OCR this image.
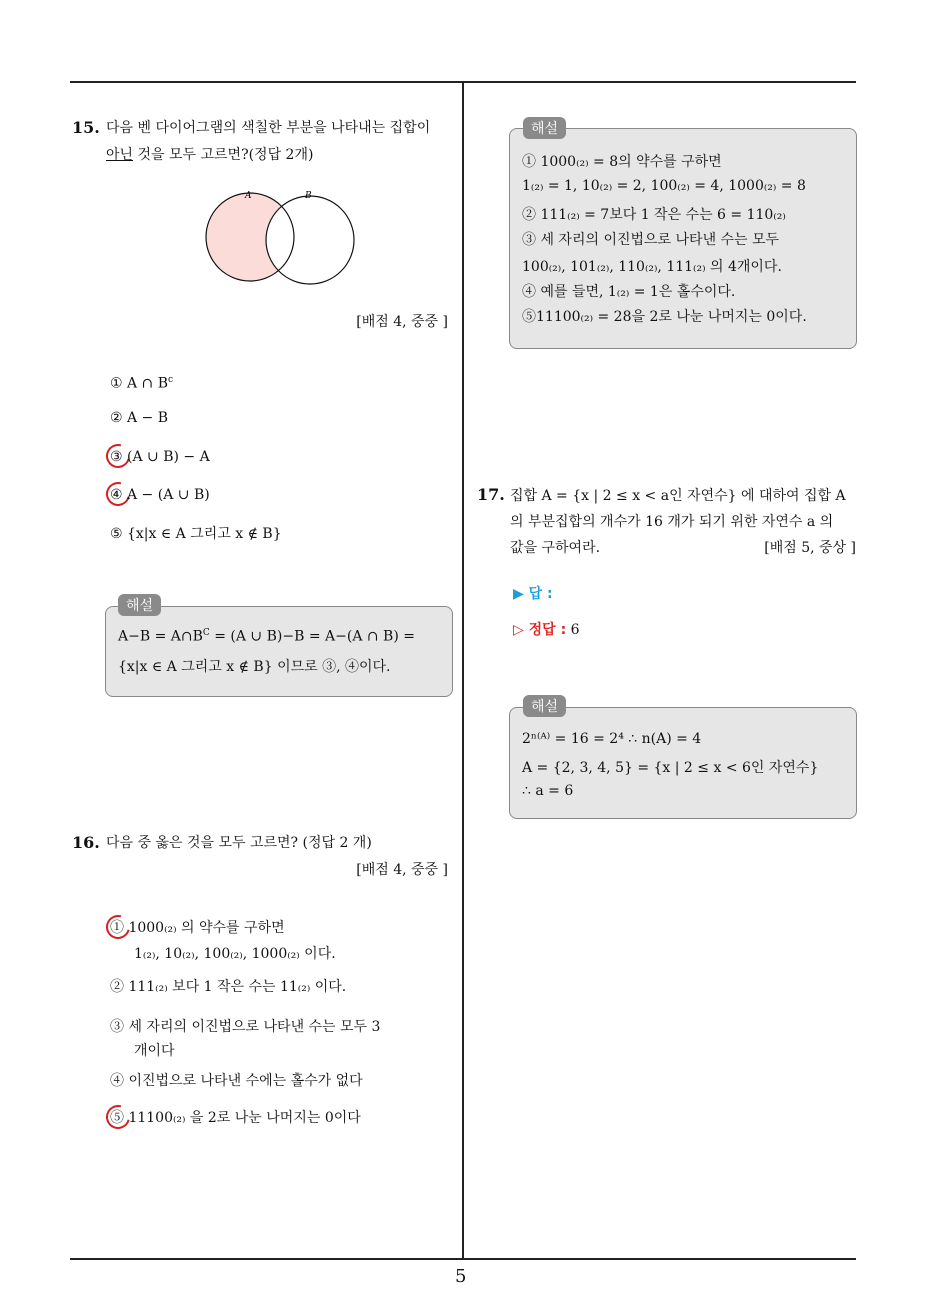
5
15. 다음 벤 다이어그램의 색칠한 부분을 나타내는 집합이
아닌 것을 모두 고르면?(정답 2개)
A	B
[배점 4, 중중 ]
① A ∩ $B^c$
② A − B
③ (A ∪ B) − A
④ A − (A ∪ B)
⑤ {x|x ∈ A 그리고 x ∉ B}
해설
$A-B = A\cap B^C = (A$ ∪ B)−B = A−(A ∩ B) =
{x|x ∈ A 그리고 x ∉ B} 이므로 ③, ④이다.
16. 다음 중 옳은 것을 모두 고르면? (정답 2 개)
[배점 4, 중중 ]
① 1000₍₂₎ 의 약수를 구하면
1₍₂₎, 10₍₂₎, 100₍₂₎, 1000₍₂₎ 이다.
② 111₍₂₎ 보다 1 작은 수는 11₍₂₎ 이다.
③ 세 자리의 이진법으로 나타낸 수는 모두 3
개이다
④ 이진법으로 나타낸 수에는 홀수가 없다
⑤ 11100₍₂₎ 을 2로 나눈 나머지는 0이다
해설
① 1000₍₂₎ = 8의 약수를 구하면
1₍₂₎ = 1, 10₍₂₎ = 2, 100₍₂₎ = 4, 1000₍₂₎ = 8
② 111₍₂₎ = 7보다 1 작은 수는 6 = 110₍₂₎
③ 세 자리의 이진법으로 나타낸 수는 모두
100₍₂₎, 101₍₂₎, 110₍₂₎, 111₍₂₎ 의 4개이다.
④ 예를 들면, 1₍₂₎ = 1은 홀수이다.
⑤11100₍₂₎ = 28을 2로 나눈 나머지는 0이다.
17. 집합 A = {x | 2 ≤ x < a인 자연수} 에 대하여 집합 A
의 부분집합의 개수가 16 개가 되기 위한 자연수 a 의
값을 구하여라.	[배점 5, 중상 ]
▶ 답 :
▷ 정답 : 6
해설
2ⁿ⁽ᴬ⁾ = 16 = 2⁴ ∴ n(A) = 4
A = {2, 3, 4, 5} = {x | 2 ≤ x < 6인 자연수}
∴ a = 6
